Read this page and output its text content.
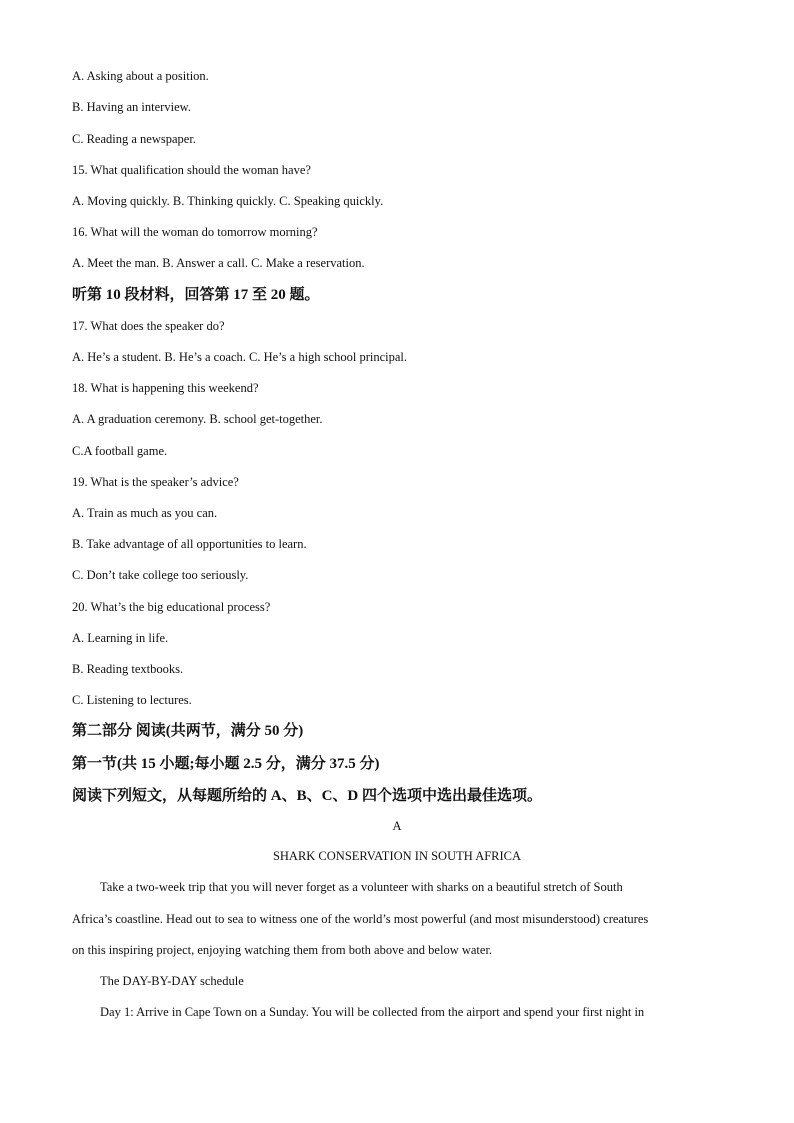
A. Asking about a position.
B. Having an interview.
C. Reading a newspaper.
15. What qualification should the woman have?
A. Moving quickly. B. Thinking quickly. C. Speaking quickly.
16. What will the woman do tomorrow morning?
A. Meet the man. B. Answer a call. C. Make a reservation.
听第 10 段材料，回答第 17 至 20 题。
17. What does the speaker do?
A. He’s a student. B. He’s a coach. C. He’s a high school principal.
18. What is happening this weekend?
A. A graduation ceremony. B. school get-together.
C.A football game.
19. What is the speaker’s advice?
A. Train as much as you can.
B. Take advantage of all opportunities to learn.
C. Don’t take college too seriously.
20. What’s the big educational process?
A. Learning in life.
B. Reading textbooks.
C. Listening to lectures.
第二部分 阅读(共两节，满分 50 分)
第一节(共 15 小题;每小题 2.5 分，满分 37.5 分)
阅读下列短文，从每题所给的 A、B、C、D 四个选项中选出最佳选项。
A
SHARK CONSERVATION IN SOUTH AFRICA
Take a two-week trip that you will never forget as a volunteer with sharks on a beautiful stretch of South
Africa’s coastline. Head out to sea to witness one of the world’s most powerful (and most misunderstood) creatures
on this inspiring project, enjoying watching them from both above and below water.
The DAY-BY-DAY schedule
Day 1: Arrive in Cape Town on a Sunday. You will be collected from the airport and spend your first night in
